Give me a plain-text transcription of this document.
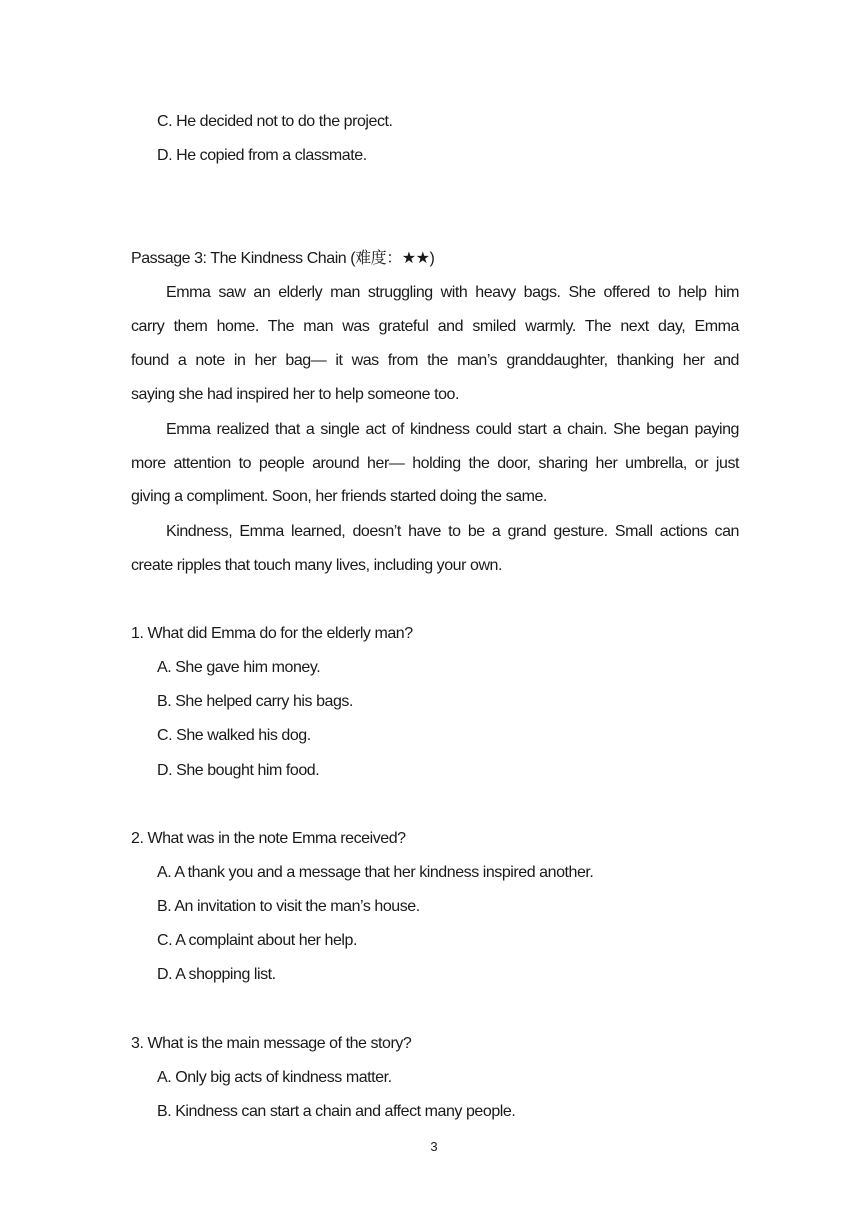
C. He decided not to do the project.
D. He copied from a classmate.
Passage 3: The Kindness Chain (难度：★★)
Emma saw an elderly man struggling with heavy bags. She offered to help him
carry them home. The man was grateful and smiled warmly. The next day, Emma
found a note in her bag— it was from the man’s granddaughter, thanking her and
saying she had inspired her to help someone too.
Emma realized that a single act of kindness could start a chain. She began paying
more attention to people around her— holding the door, sharing her umbrella, or just
giving a compliment. Soon, her friends started doing the same.
Kindness, Emma learned, doesn’t have to be a grand gesture. Small actions can
create ripples that touch many lives, including your own.
1. What did Emma do for the elderly man?
A. She gave him money.
B. She helped carry his bags.
C. She walked his dog.
D. She bought him food.
2. What was in the note Emma received?
A. A thank you and a message that her kindness inspired another.
B. An invitation to visit the man’s house.
C. A complaint about her help.
D. A shopping list.
3. What is the main message of the story?
A. Only big acts of kindness matter.
B. Kindness can start a chain and affect many people.
3
